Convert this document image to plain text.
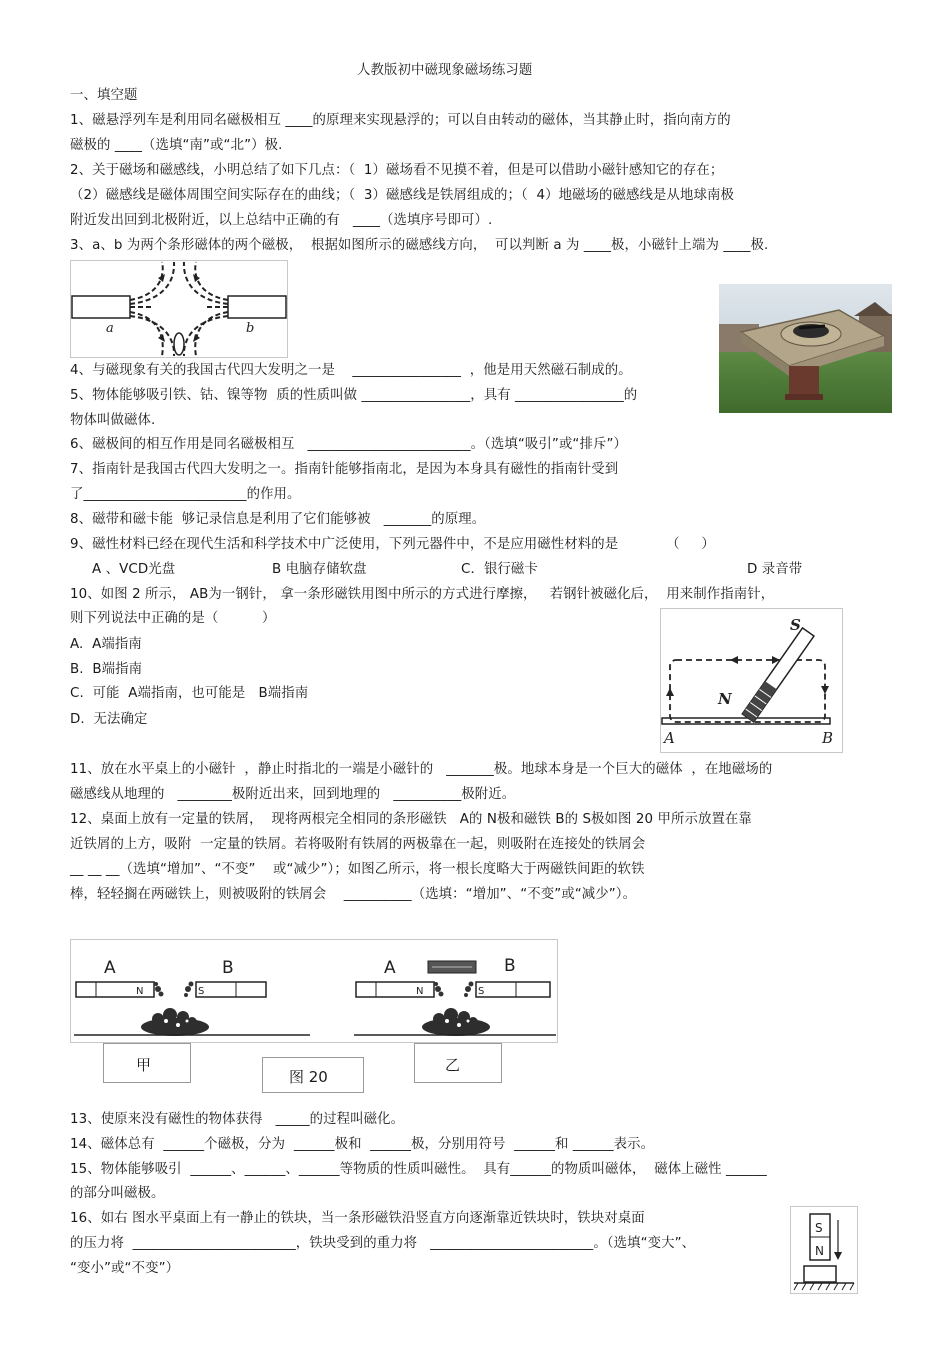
人教版初中磁现象磁场练习题
一、填空题
1、磁悬浮列车是利用同名磁极相互 ____的原理来实现悬浮的；可以自由转动的磁体，当其静止时，指向南方的
磁极的 ____（选填“南”或“北”）极.
2、关于磁场和磁感线，小明总结了如下几点：（  1）磁场看不见摸不着，但是可以借助小磁针感知它的存在；
（2）磁感线是磁体周围空间实际存在的曲线；（  3）磁感线是铁屑组成的；（  4）地磁场的磁感线是从地球南极
附近发出回到北极附近，以上总结中正确的有   ____（选填序号即可）.
3、a、b 为两个条形磁体的两个磁极，  根据如图所示的磁感线方向，  可以判断 a 为 ____极，小磁针上端为 ____极.
4、与磁现象有关的我国古代四大发明之一是    ________________  ，他是用天然磁石制成的。
5、物体能够吸引铁、钴、镍等物  质的性质叫做 ________________，具有 ________________的
物体叫做磁体.
6、磁极间的相互作用是同名磁极相互   ________________________。（选填“吸引”或“排斥”）
7、指南针是我国古代四大发明之一。指南针能够指南北，是因为本身具有磁性的指南针受到
了________________________的作用。
8、磁带和磁卡能  够记录信息是利用了它们能够被   _______的原理。
9、磁性材料已经在现代生活和科学技术中广泛使用，下列元器件中，不是应用磁性材料的是           （     ）
A 、VCD光盘	B 电脑存储软盘	C．银行磁卡	D 录音带
10、如图 2 所示， AB为一钢针， 拿一条形磁铁用图中所示的方式进行摩擦，   若钢针被磁化后，  用来制作指南针，
则下列说法中正确的是（          ）
A.  A端指南
B.  B端指南
C.  可能  A端指南，也可能是   B端指南
D.  无法确定
11、放在水平桌上的小磁针  ，静止时指北的一端是小磁针的   _______极。地球本身是一个巨大的磁体  ，在地磁场的
磁感线从地理的   ________极附近出来，回到地理的   __________极附近。
12、桌面上放有一定量的铁屑，  现将两根完全相同的条形磁铁   A的 N极和磁铁 B的 S极如图 20 甲所示放置在靠
近铁屑的上方，吸附  一定量的铁屑。若将吸附有铁屑的两极靠在一起，则吸附在连接处的铁屑会
__ __ __（选填“增加”、“不变”    或“减少”）；如图乙所示，将一根长度略大于两磁铁间距的软铁
棒，轻轻搁在两磁铁上，则被吸附的铁屑会    __________（选填：“增加”、“不变”或“减少”）。
13、使原来没有磁性的物体获得   _____的过程叫磁化。
14、磁体总有  ______个磁极，分为  ______极和  ______极，分别用符号  ______和 ______表示。
15、物体能够吸引  ______、______、______等物质的性质叫磁性。  具有______的物质叫磁体，  磁体上磁性 ______
的部分叫磁极。
16、如右 图水平桌面上有一静止的铁块，当一条形磁铁沿竖直方向逐渐靠近铁块时，铁块对桌面
的压力将  ________________________，铁块受到的重力将   ________________________。（选填“变大”、
“变小”或“不变”）
a	b
S
N
A	B
A	B
N	S
A	B
N	S
甲
图 20
乙
S
N
